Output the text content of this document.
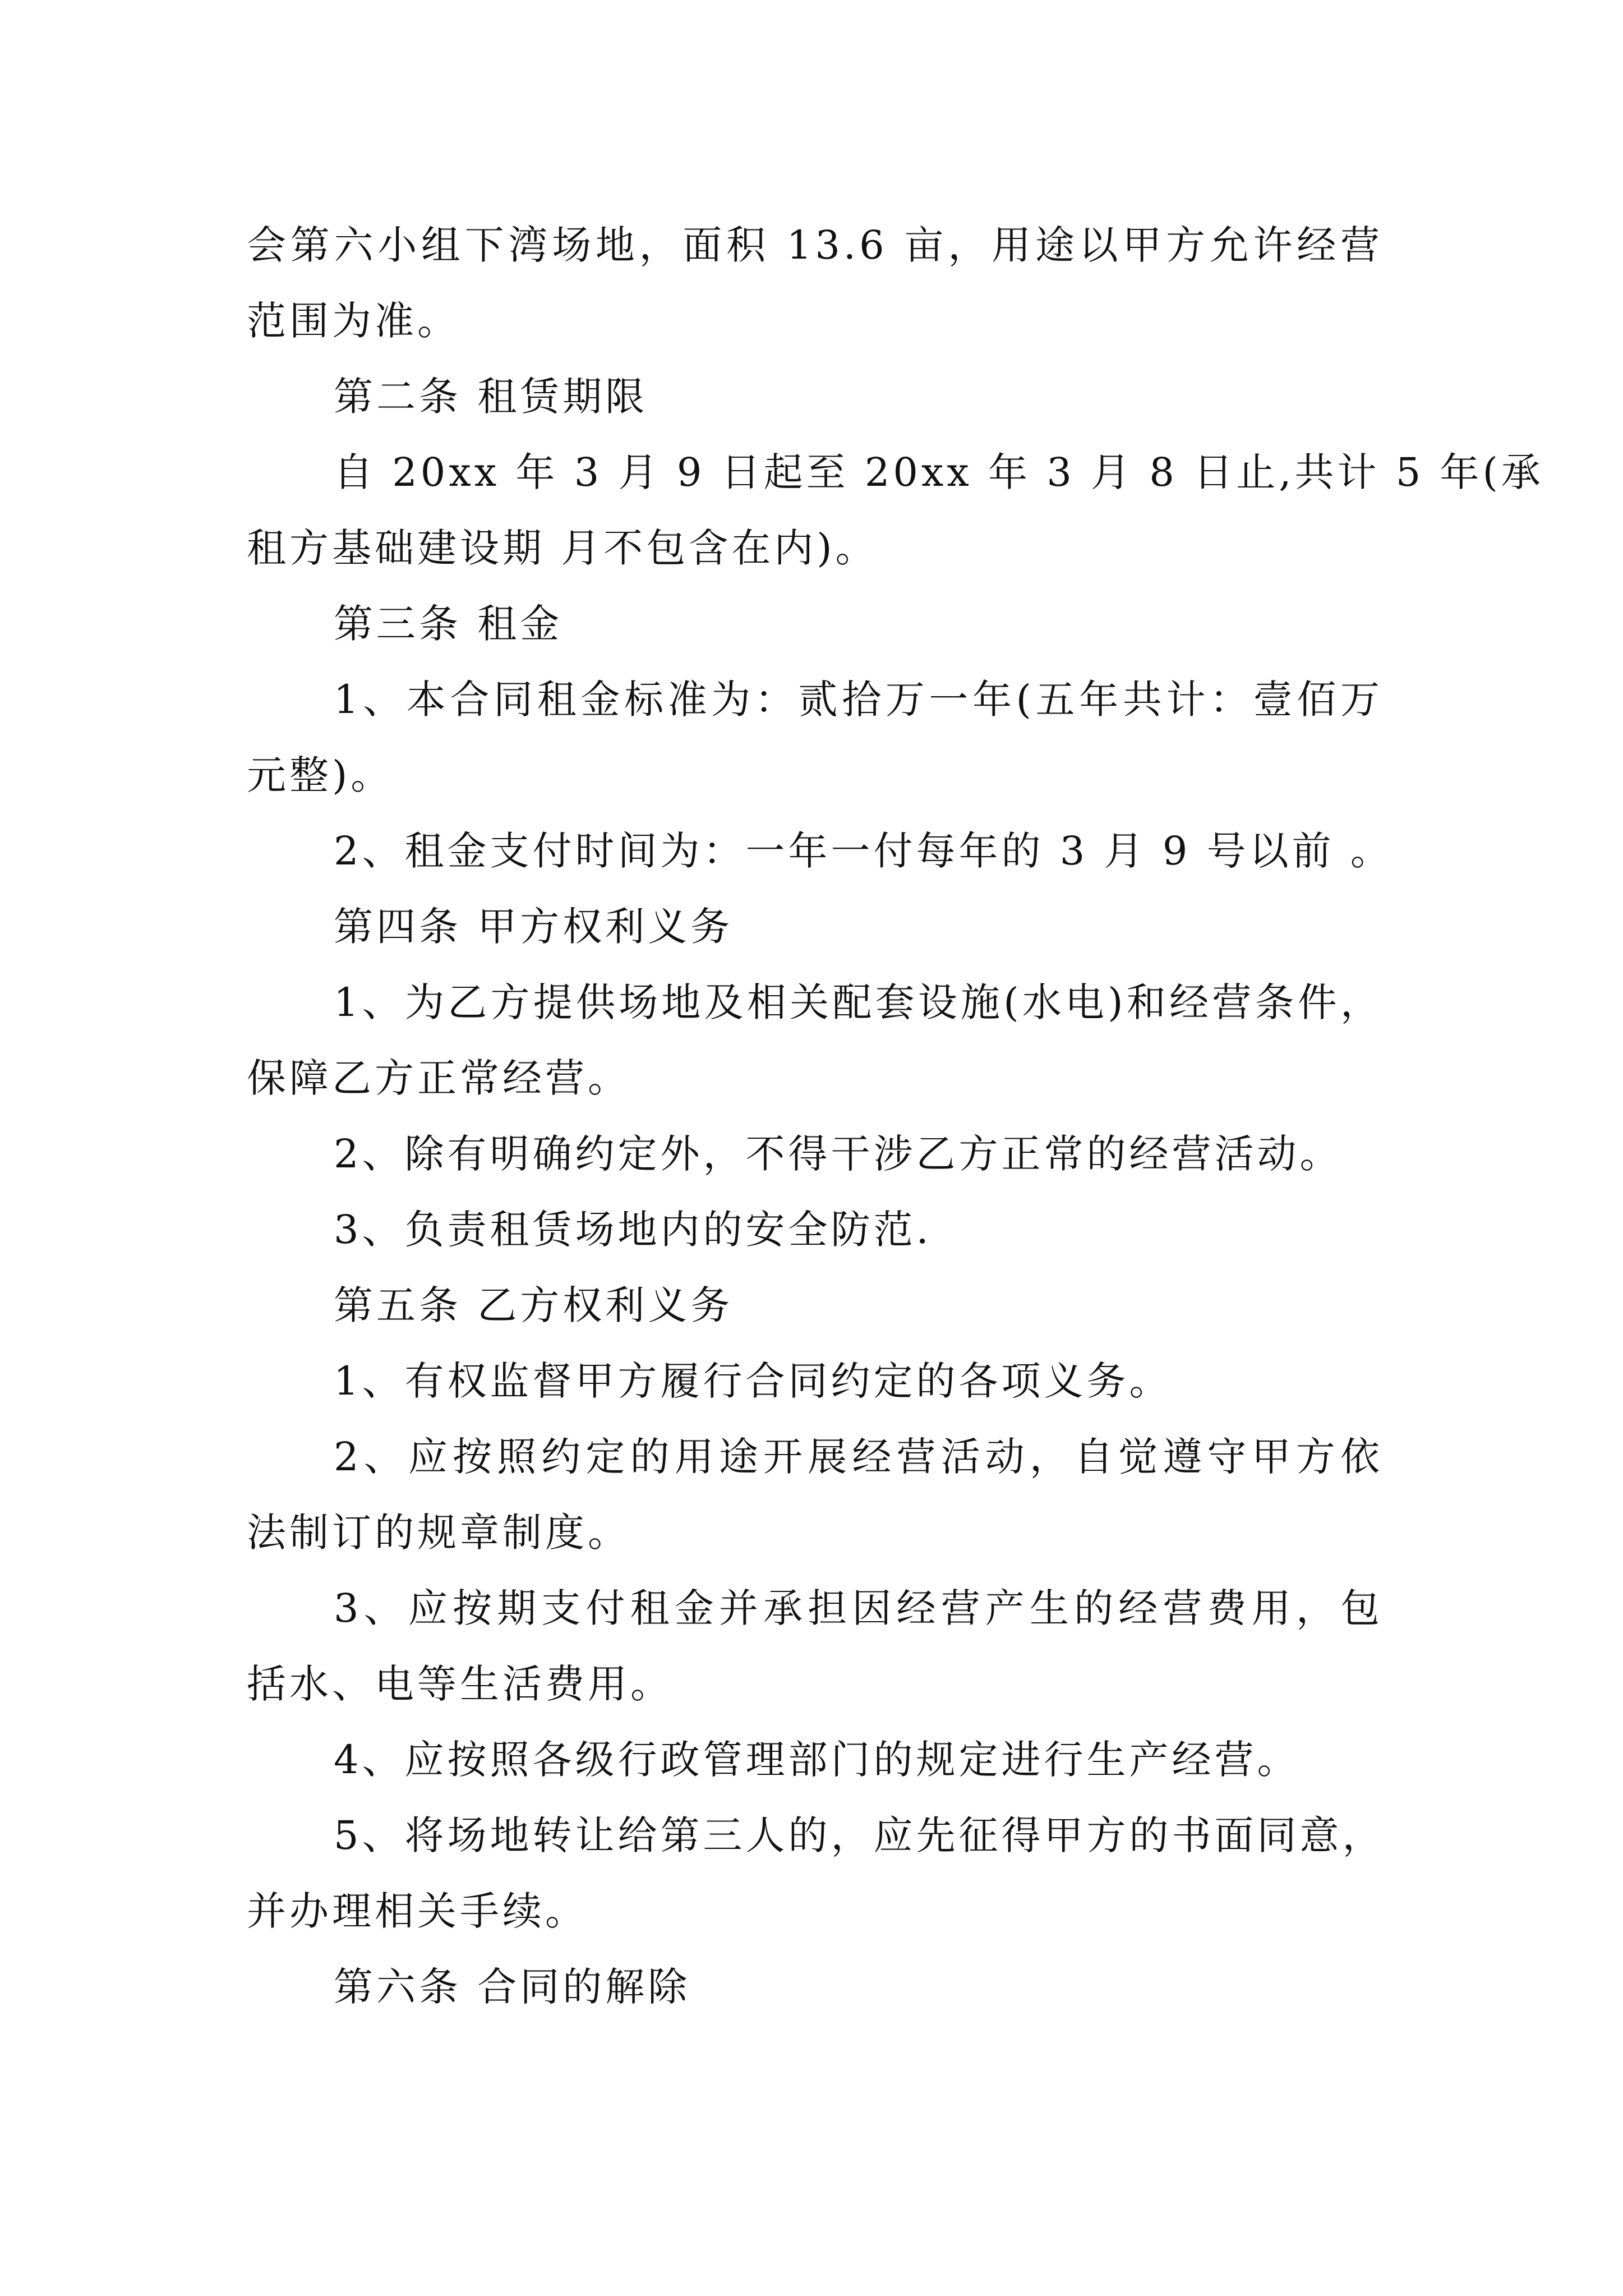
会第六小组下湾场地，面积 13.6 亩，用途以甲方允许经营

范围为准。

第二条 租赁期限

自 20xx 年 3 月 9 日起至 20xx 年 3 月 8 日止,共计 5 年(承

租方基础建设期 月不包含在内)。

第三条 租金

1、本合同租金标准为：贰拾万一年(五年共计：壹佰万

元整)。

2、租金支付时间为：一年一付每年的 3 月 9 号以前 。

第四条 甲方权利义务

1、为乙方提供场地及相关配套设施(水电)和经营条件，

保障乙方正常经营。

2、除有明确约定外，不得干涉乙方正常的经营活动。

3、负责租赁场地内的安全防范.

第五条 乙方权利义务

1、有权监督甲方履行合同约定的各项义务。

2、应按照约定的用途开展经营活动，自觉遵守甲方依

法制订的规章制度。

3、应按期支付租金并承担因经营产生的经营费用，包

括水、电等生活费用。

4、应按照各级行政管理部门的规定进行生产经营。

5、将场地转让给第三人的，应先征得甲方的书面同意，

并办理相关手续。

第六条 合同的解除
